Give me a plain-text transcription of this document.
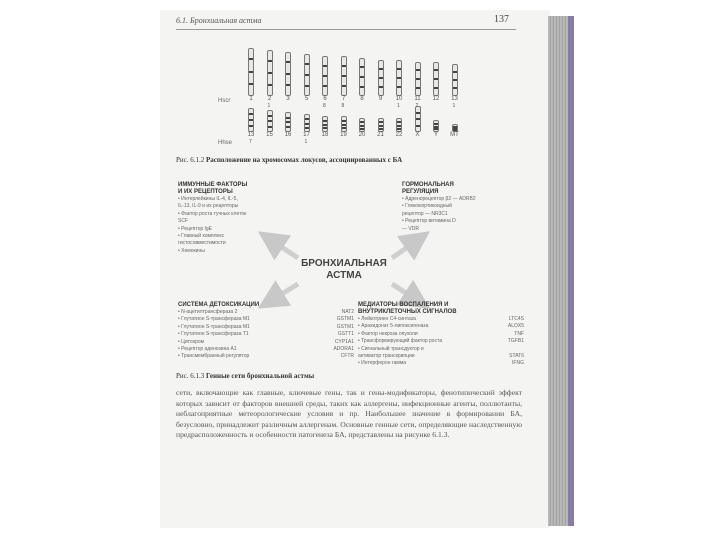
6.1. Бронхиальная астма	137
Hscr
Hhse
1	2
1
3	5	6
8
7
8
8	9	10
1
11	12	13
1
13
7
15	16	17
1
18	19	20	21	22	X	Y	MT
Рис. 6.1.2 Расположение на хромосомах локусов, ассоциированных с БА
ИММУННЫЕ ФАКТОРЫ
И ИХ РЕЦЕПТОРЫ
• Интерлейкины IL-4, IL-5,
IL-13, IL-9 и их рецепторы
• Фактор роста тучных клеток
SCF
• Рецептор IgE
• Главный комплекс
гистосовместимости
• Хемокины
ГОРМОНАЛЬНАЯ
РЕГУЛЯЦИЯ
• Адренорецептор β2 — ADRB2
• Глюкокортикоидный
рецептор — NR3C1
• Рецептор витамина D
— VDR
БРОНХИАЛЬНАЯ
АСТМА
СИСТЕМА ДЕТОКСИКАЦИИ
• N-ацетилтрансфераза 2	NAT2
• Глутатион S-трансфераза M1	GSTM1
• Глутатион S-трансфераза M1	GSTM1
• Глутатион S-трансфераза T1	GSTT1
• Цитохром	CYP1A1
• Рецептор аденозина A1	ADORA1
• Трансмембранный регулятор	CFTR
МЕДИАТОРЫ ВОСПАЛЕНИЯ И
ВНУТРИКЛЕТОЧНЫХ СИГНАЛОВ
• Лейкотриен C4-синтаза	LTC4S
• Арахидонат 5-липоксигеназа	ALOX5
• Фактор некроза опухоли	TNF
• Трансформирующий фактор роста	TGFB1
• Сигнальный трансдуктор и
активатор транскрипции	STAT6
• Интерферон гамма	IFNG
Рис. 6.1.3 Генные сети бронхиальной астмы
сети, включающие как главные, ключевые гены, так и гены-модификаторы, фенотипический эффект которых зависит от факторов внешней среды, таких как аллергены, инфекционные агенты, поллютанты, неблагоприятные метеорологические условия и пр. Наибольшее значение в формировании БА, безусловно, принадлежит различным аллергенам. Основные генные сети, определяющие наследственную предрасположенность и особенности патогенеза БА, представлены на рисунке 6.1.3.
